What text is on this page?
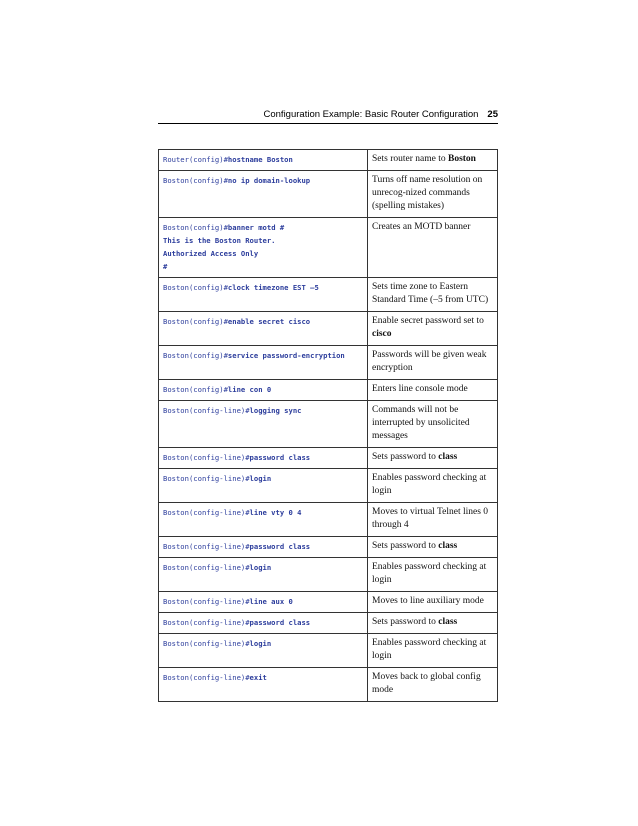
Configuration Example: Basic Router Configuration 25
Router(config)#hostname Boston	Sets router name to Boston
Boston(config)#no ip domain-lookup	Turns off name resolution on unrecog-nized commands (spelling mistakes)
Boston(config)#banner motd #
This is the Boston Router.
Authorized Access Only
#	Creates an MOTD banner
Boston(config)#clock timezone EST –5	Sets time zone to Eastern Standard Time (–5 from UTC)
Boston(config)#enable secret cisco	Enable secret password set to cisco
Boston(config)#service password-encryption	Passwords will be given weak encryption
Boston(config)#line con 0	Enters line console mode
Boston(config-line)#logging sync	Commands will not be interrupted by unsolicited messages
Boston(config-line)#password class	Sets password to class
Boston(config-line)#login	Enables password checking at login
Boston(config-line)#line vty 0 4	Moves to virtual Telnet lines 0 through 4
Boston(config-line)#password class	Sets password to class
Boston(config-line)#login	Enables password checking at login
Boston(config-line)#line aux 0	Moves to line auxiliary mode
Boston(config-line)#password class	Sets password to class
Boston(config-line)#login	Enables password checking at login
Boston(config-line)#exit	Moves back to global config mode
